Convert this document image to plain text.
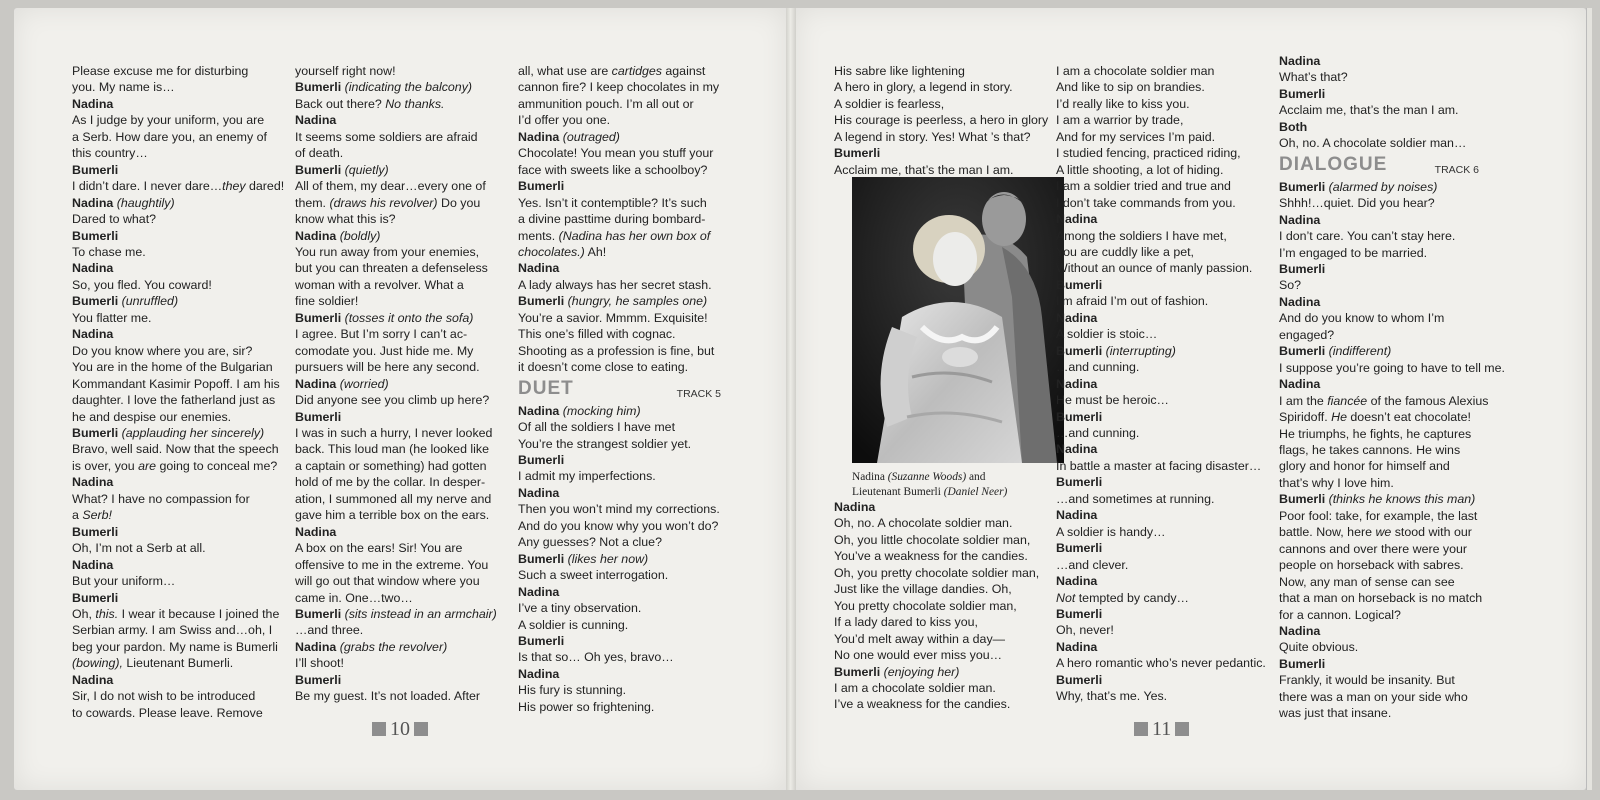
Please excuse me for disturbing
you. My name is…
Nadina
As I judge by your uniform, you are
a Serb. How dare you, an enemy of
this country…
Bumerli
I didn’t dare. I never dare…they dared!
Nadina (haughtily)
Dared to what?
Bumerli
To chase me.
Nadina
So, you fled. You coward!
Bumerli (unruffled)
You flatter me.
Nadina
Do you know where you are, sir?
You are in the home of the Bulgarian
Kommandant Kasimir Popoff. I am his
daughter. I love the fatherland just as
he and despise our enemies.
Bumerli (applauding her sincerely)
Bravo, well said. Now that the speech
is over, you are going to conceal me?
Nadina
What? I have no compassion for
a Serb!
Bumerli
Oh, I’m not a Serb at all.
Nadina
But your uniform…
Bumerli
Oh, this. I wear it because I joined the
Serbian army. I am Swiss and…oh, I
beg your pardon. My name is Bumerli
(bowing), Lieutenant Bumerli.
Nadina
Sir, I do not wish to be introduced
to cowards. Please leave. Remove
yourself right now!
Bumerli (indicating the balcony)
Back out there? No thanks.
Nadina
It seems some soldiers are afraid
of death.
Bumerli (quietly)
All of them, my dear…every one of
them. (draws his revolver) Do you
know what this is?
Nadina (boldly)
You run away from your enemies,
but you can threaten a defenseless
woman with a revolver. What a
fine soldier!
Bumerli (tosses it onto the sofa)
I agree. But I’m sorry I can’t ac-
comodate you. Just hide me. My
pursuers will be here any second.
Nadina (worried)
Did anyone see you climb up here?
Bumerli
I was in such a hurry, I never looked
back. This loud man (he looked like
a captain or something) had gotten
hold of me by the collar. In desper-
ation, I summoned all my nerve and
gave him a terrible box on the ears.
Nadina
A box on the ears! Sir! You are
offensive to me in the extreme. You
will go out that window where you
came in. One…two…
Bumerli (sits instead in an armchair)
…and three.
Nadina (grabs the revolver)
I’ll shoot!
Bumerli
Be my guest. It’s not loaded. After
all, what use are cartidges against
cannon fire? I keep chocolates in my
ammunition pouch. I’m all out or
I’d offer you one.
Nadina (outraged)
Chocolate! You mean you stuff your
face with sweets like a schoolboy?
Bumerli
Yes. Isn’t it contemptible? It’s such
a divine pasttime during bombard-
ments. (Nadina has her own box of
chocolates.) Ah!
Nadina
A lady always has her secret stash.
Bumerli (hungry, he samples one)
You’re a savior. Mmmm. Exquisite!
This one’s filled with cognac.
Shooting as a profession is fine, but
it doesn’t come close to eating.
DUET	TRACK 5
Nadina (mocking him)
Of all the soldiers I have met
You’re the strangest soldier yet.
Bumerli
I admit my imperfections.
Nadina
Then you won’t mind my corrections.
And do you know why you won’t do?
Any guesses? Not a clue?
Bumerli (likes her now)
Such a sweet interrogation.
Nadina
I’ve a tiny observation.
A soldier is cunning.
Bumerli
Is that so… Oh yes, bravo…
Nadina
His fury is stunning.
His power so frightening.
10
His sabre like lightening
A hero in glory, a legend in story.
A soldier is fearless,
His courage is peerless, a hero in glory
A legend in story. Yes! What ’s that?
Bumerli
Acclaim me, that’s the man I am.
Nadina (Suzanne Woods) and
Lieutenant Bumerli (Daniel Neer)
Nadina
Oh, no. A chocolate soldier man.
Oh, you little chocolate soldier man,
You’ve a weakness for the candies.
Oh, you pretty chocolate soldier man,
Just like the village dandies. Oh,
You pretty chocolate soldier man,
If a lady dared to kiss you,
You’d melt away within a day—
No one would ever miss you…
Bumerli (enjoying her)
I am a chocolate soldier man.
I’ve a weakness for the candies.
I am a chocolate soldier man
And like to sip on brandies.
I’d really like to kiss you.
I am a warrior by trade,
And for my services I’m paid.
I studied fencing, practiced riding,
A little shooting, a lot of hiding.
I am a soldier tried and true and
I don’t take commands from you.
Nadina
Among the soldiers I have met,
You are cuddly like a pet,
Without an ounce of manly passion.
Bumerli
I’m afraid I’m out of fashion.
Nadina
A soldier is stoic…
Bumerli (interrupting)
…and cunning.
Nadina
He must be heroic…
Bumerli
…and cunning.
Nadina
In battle a master at facing disaster…
Bumerli
…and sometimes at running.
Nadina
A soldier is handy…
Bumerli
…and clever.
Nadina
Not tempted by candy…
Bumerli
Oh, never!
Nadina
A hero romantic who’s never pedantic.
Bumerli
Why, that’s me. Yes.
Nadina
What’s that?
Bumerli
Acclaim me, that’s the man I am.
Both
Oh, no. A chocolate soldier man…
DIALOGUE	TRACK 6
Bumerli (alarmed by noises)
Shhh!…quiet. Did you hear?
Nadina
I don’t care. You can’t stay here.
I’m engaged to be married.
Bumerli
So?
Nadina
And do you know to whom I’m
engaged?
Bumerli (indifferent)
I suppose you’re going to have to tell me.
Nadina
I am the fiancée of the famous Alexius
Spiridoff. He doesn’t eat chocolate!
He triumphs, he fights, he captures
flags, he takes cannons. He wins
glory and honor for himself and
that’s why I love him.
Bumerli (thinks he knows this man)
Poor fool: take, for example, the last
battle. Now, here we stood with our
cannons and over there were your
people on horseback with sabres.
Now, any man of sense can see
that a man on horseback is no match
for a cannon. Logical?
Nadina
Quite obvious.
Bumerli
Frankly, it would be insanity. But
there was a man on your side who
was just that insane.
11
